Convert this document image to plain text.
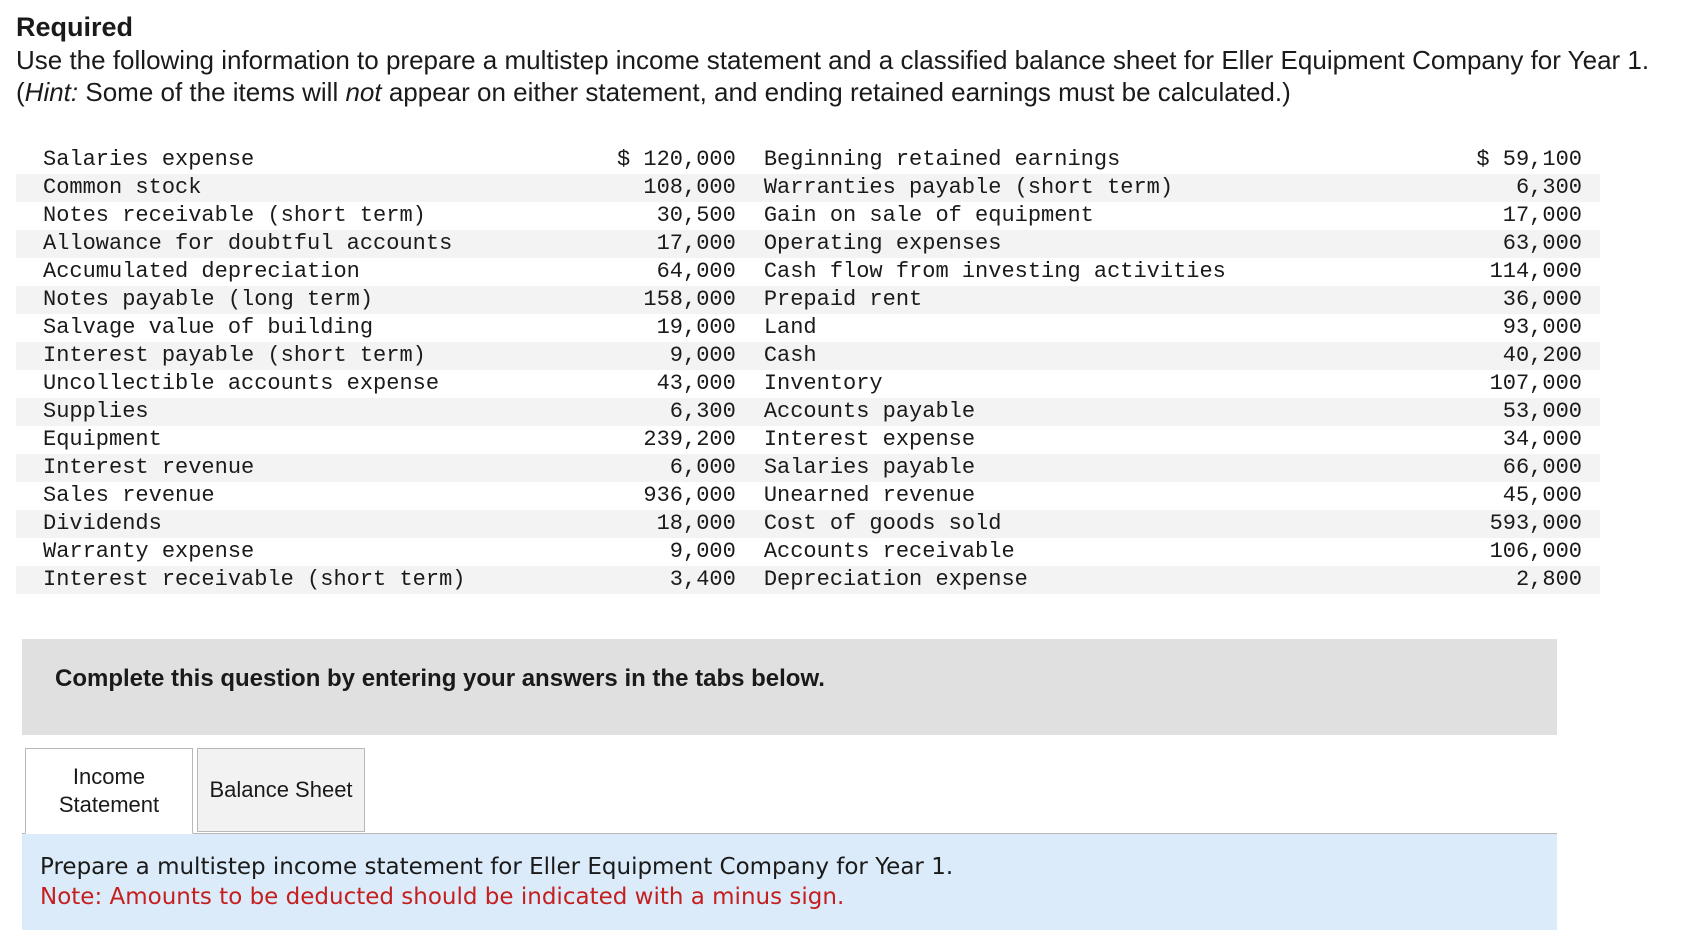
Required
Use the following information to prepare a multistep income statement and a classified balance sheet for Eller Equipment Company for Year 1. (Hint: Some of the items will not appear on either statement, and ending retained earnings must be calculated.)
Salaries expense	$ 120,000	Beginning retained earnings	$ 59,100
Common stock	108,000	Warranties payable (short term)	6,300
Notes receivable (short term)	30,500	Gain on sale of equipment	17,000
Allowance for doubtful accounts	17,000	Operating expenses	63,000
Accumulated depreciation	64,000	Cash flow from investing activities	114,000
Notes payable (long term)	158,000	Prepaid rent	36,000
Salvage value of building	19,000	Land	93,000
Interest payable (short term)	9,000	Cash	40,200
Uncollectible accounts expense	43,000	Inventory	107,000
Supplies	6,300	Accounts payable	53,000
Equipment	239,200	Interest expense	34,000
Interest revenue	6,000	Salaries payable	66,000
Sales revenue	936,000	Unearned revenue	45,000
Dividends	18,000	Cost of goods sold	593,000
Warranty expense	9,000	Accounts receivable	106,000
Interest receivable (short term)	3,400	Depreciation expense	2,800
Complete this question by entering your answers in the tabs below.
Income
Statement
Balance Sheet
Prepare a multistep income statement for Eller Equipment Company for Year 1.
Note: Amounts to be deducted should be indicated with a minus sign.
